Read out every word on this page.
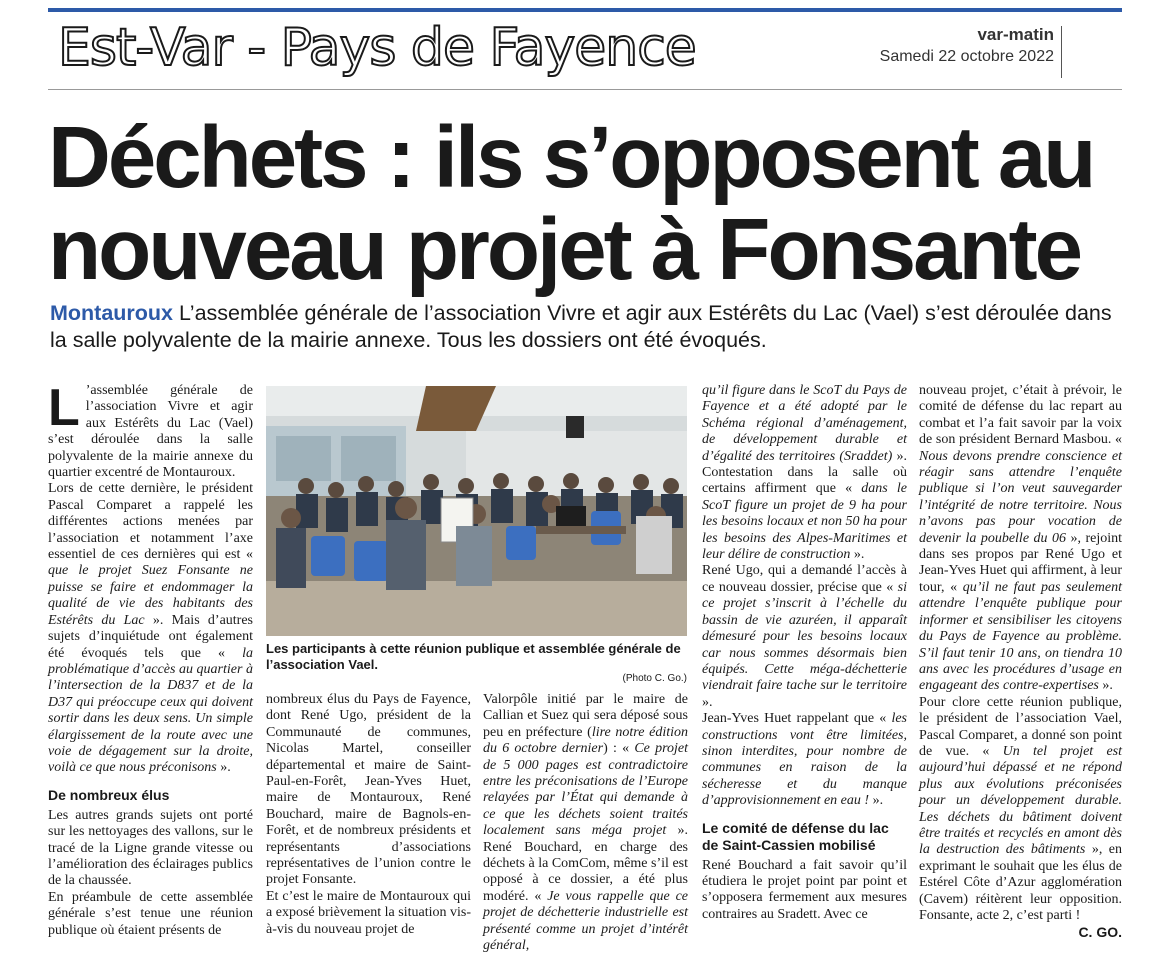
Est-Var - Pays de Fayence	var-matin
Samedi 22 octobre 2022
Déchets : ils s’opposent au nouveau projet à Fonsante

Montauroux L’assemblée générale de l’association Vivre et agir aux Estérêts du Lac (Vael) s’est déroulée dans la salle polyvalente de la mairie annexe. Tous les dossiers ont été évoqués.

L ’assemblée générale de l’association Vivre et agir aux Estérêts du Lac (Vael) s’est déroulée dans la salle polyvalente de la mairie annexe du quartier excentré de Montauroux.

Lors de cette dernière, le président Pascal Comparet a rappelé les différentes actions menées par l’association et notamment l’axe essentiel de ces dernières qui est « que le projet Suez Fonsante ne puisse se faire et endommager la qualité de vie des habitants des Estérêts du Lac ». Mais d’autres sujets d’inquiétude ont également été évoqués tels que « la problématique d’accès au quartier à l’intersection de la D837 et de la D37 qui préoccupe ceux qui doivent sortir dans les deux sens. Un simple élargissement de la route avec une voie de dégagement sur la droite, voilà ce que nous préconisons ».

De nombreux élus

Les autres grands sujets ont porté sur les nettoyages des vallons, sur le tracé de la Ligne grande vitesse ou l’amélioration des éclairages publics de la chaussée.

En préambule de cette assemblée générale s’est tenue une réunion publique où étaient présents de

Les participants à cette réunion publique et assemblée générale de l’association Vael.
(Photo C. Go.)

nombreux élus du Pays de Fayence, dont René Ugo, président de la Communauté de communes, Nicolas Martel, conseiller départemental et maire de Saint-Paul-en-Forêt, Jean-Yves Huet, maire de Montauroux, René Bouchard, maire de Bagnols-en-Forêt, et de nombreux présidents et représentants d’associations représentatives de l’union contre le projet Fonsante.

Et c’est le maire de Montauroux qui a exposé brièvement la situation vis-à-vis du nouveau projet de

Valorpôle initié par le maire de Callian et Suez qui sera déposé sous peu en préfecture (lire notre édition du 6 octobre dernier) : « Ce projet de 5 000 pages est contradictoire entre les préconisations de l’Europe relayées par l’État qui demande à ce que les déchets soient traités localement sans méga projet ». René Bouchard, en charge des déchets à la ComCom, même s’il est opposé à ce dossier, a été plus modéré. « Je vous rappelle que ce projet de déchetterie industrielle est présenté comme un projet d’intérêt général,

qu’il figure dans le ScoT du Pays de Fayence et a été adopté par le Schéma régional d’aménagement, de développement durable et d’égalité des territoires (Sraddet) ». Contestation dans la salle où certains affirment que « dans le ScoT figure un projet de 9 ha pour les besoins locaux et non 50 ha pour les besoins des Alpes-Maritimes et leur délire de construction ».

René Ugo, qui a demandé l’accès à ce nouveau dossier, précise que « si ce projet s’inscrit à l’échelle du bassin de vie azuréen, il apparaît démesuré pour les besoins locaux car nous sommes désormais bien équipés. Cette méga-déchetterie viendrait faire tache sur le territoire ».

Jean-Yves Huet rappelant que « les constructions vont être limitées, sinon interdites, pour nombre de communes en raison de la sécheresse et du manque d’approvisionnement en eau ! ».

Le comité de défense du lac de Saint-Cassien mobilisé

René Bouchard a fait savoir qu’il étudiera le projet point par point et s’opposera fermement aux mesures contraires au Sradett. Avec ce

nouveau projet, c’était à prévoir, le comité de défense du lac repart au combat et l’a fait savoir par la voix de son président Bernard Masbou. « Nous devons prendre conscience et réagir sans attendre l’enquête publique si l’on veut sauvegarder l’intégrité de notre territoire. Nous n’avons pas pour vocation de devenir la poubelle du 06 », rejoint dans ses propos par René Ugo et Jean-Yves Huet qui affirment, à leur tour, « qu’il ne faut pas seulement attendre l’enquête publique pour informer et sensibiliser les citoyens du Pays de Fayence au problème. S’il faut tenir 10 ans, on tiendra 10 ans avec les procédures d’usage en engageant des contre-expertises ».

Pour clore cette réunion publique, le président de l’association Vael, Pascal Comparet, a donné son point de vue. « Un tel projet est aujourd’hui dépassé et ne répond plus aux évolutions préconisées pour un développement durable. Les déchets du bâtiment doivent être traités et recyclés en amont dès la destruction des bâtiments », en exprimant le souhait que les élus de Estérel Côte d’Azur agglomération (Cavem) réitèrent leur opposition. Fonsante, acte 2, c’est parti !
C. GO.
